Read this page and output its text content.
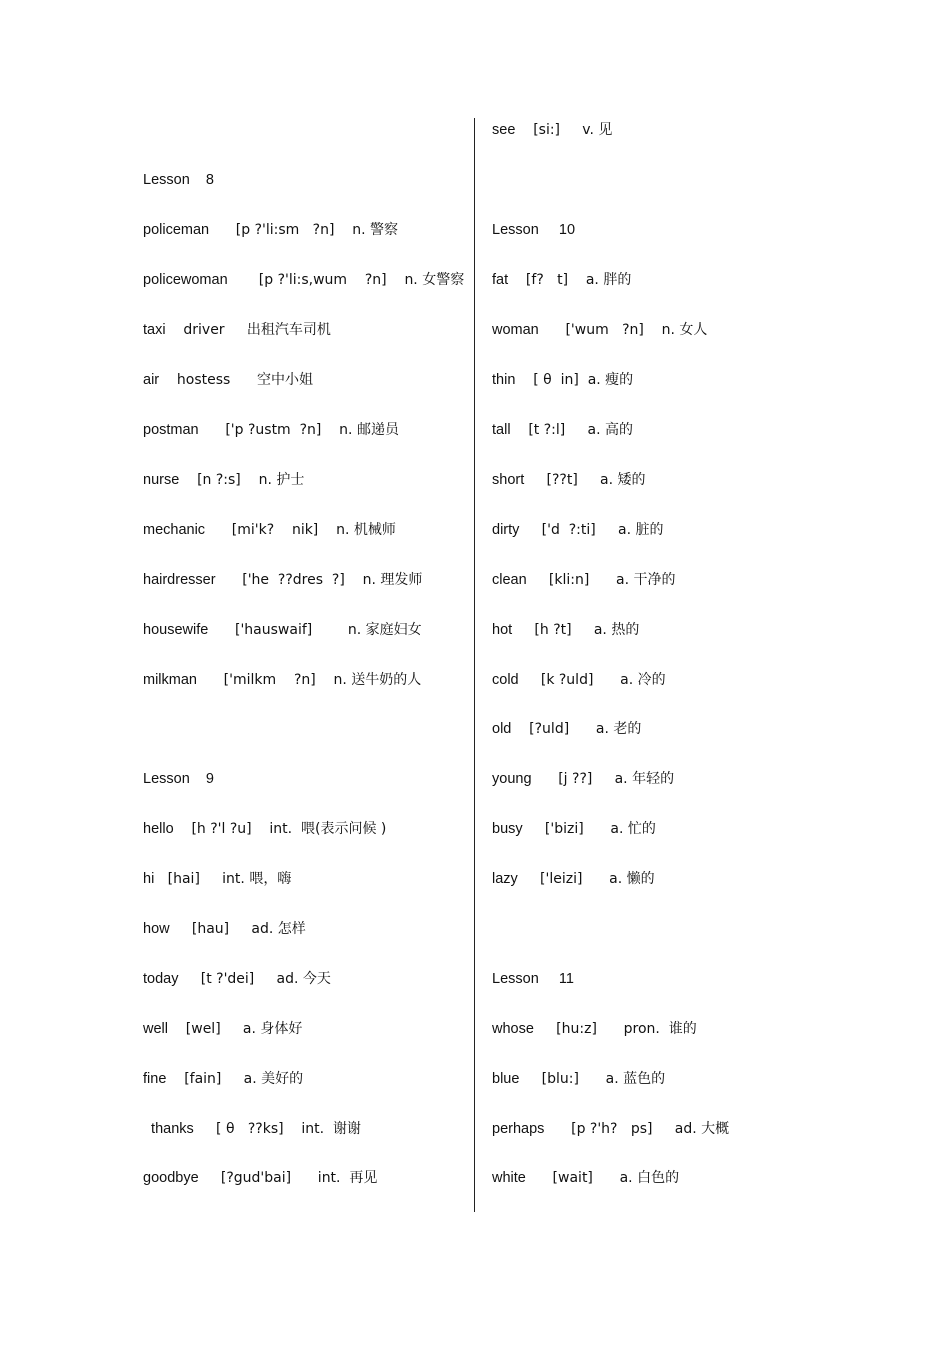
Lesson    8
policeman      [p ?'li:sm   ?n]    n. 警察
policewoman       [p ?'li:s,wum    ?n]    n. 女警察
taxi    driver     出租汽车司机
air    hostess      空中小姐
postman      ['p ?ustm  ?n]    n. 邮递员
nurse    [n ?:s]    n. 护士
mechanic      [mi'k?    nik]    n. 机械师
hairdresser      ['he  ??dres  ?]    n. 理发师
housewife      ['hauswaif]        n. 家庭妇女
milkman      ['milkm    ?n]    n. 送牛奶的人
Lesson    9
hello    [h ?'l ?u]    int.  喂(表示问候 )
hi   [hai]     int. 喂，嗨
how     [hau]     ad. 怎样
today     [t ?'dei]     ad. 今天
well    [wel]     a. 身体好
fine    [fain]     a. 美好的
thanks     [ θ   ??ks]    int.  谢谢
goodbye     [?gud'bai]      int.  再见
see    [si:]     v. 见
Lesson     10
fat    [f?   t]    a. 胖的
woman      ['wum   ?n]    n. 女人
thin    [ θ  in]  a. 瘦的
tall    [t ?:l]     a. 高的
short     [??t]     a. 矮的
dirty     ['d  ?:ti]     a. 脏的
clean     [kli:n]      a. 干净的
hot     [h ?t]     a. 热的
cold     [k ?uld]      a. 冷的
old    [?uld]      a. 老的
young      [j ??]     a. 年轻的
busy     ['bizi]      a. 忙的
lazy     ['leizi]      a. 懒的
Lesson     11
whose     [hu:z]      pron.  谁的
blue     [blu:]      a. 蓝色的
perhaps      [p ?'h?   ps]     ad. 大概
white      [wait]      a. 白色的
